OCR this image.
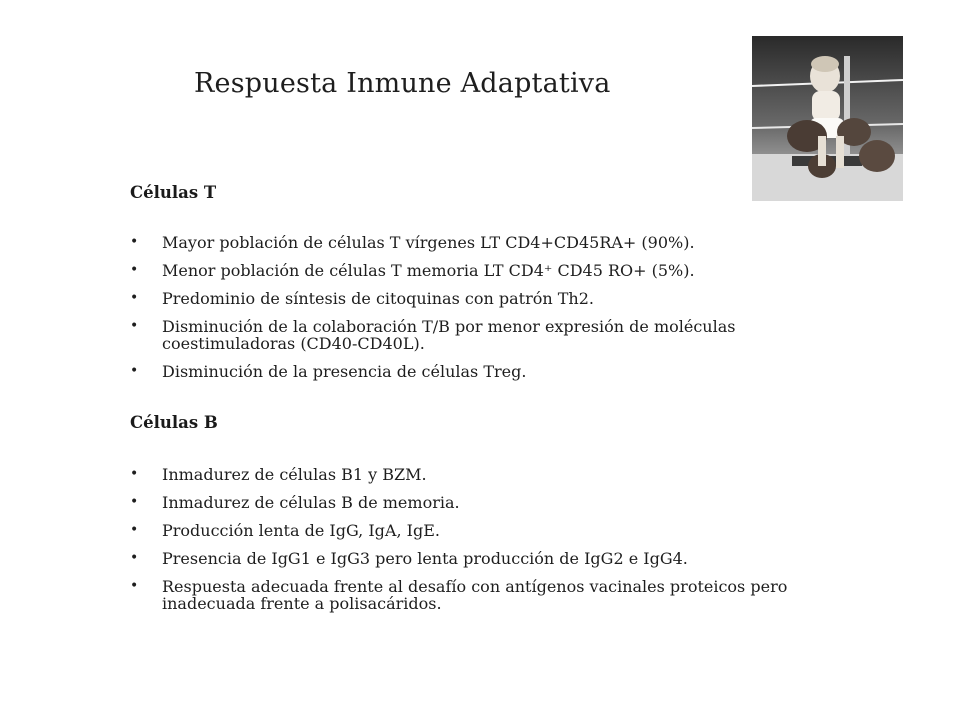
Respuesta Inmune Adaptativa
Células T
• Mayor población de células T vírgenes LT CD4+CD45RA+ (90%).
• Menor población de células T memoria LT CD4⁺ CD45 RO+ (5%).
• Predominio de síntesis de citoquinas con patrón Th2.
• Disminución de la colaboración T/B por menor expresión de moléculas coestimuladoras (CD40-CD40L).
• Disminución de la presencia de células Treg.
Células B
• Inmadurez de células B1 y BZM.
• Inmadurez de células B de memoria.
• Producción lenta de IgG, IgA, IgE.
• Presencia de IgG1 e IgG3 pero lenta producción de IgG2 e IgG4.
• Respuesta adecuada frente al desafío con antígenos vacinales proteicos pero inadecuada frente a polisacáridos.
